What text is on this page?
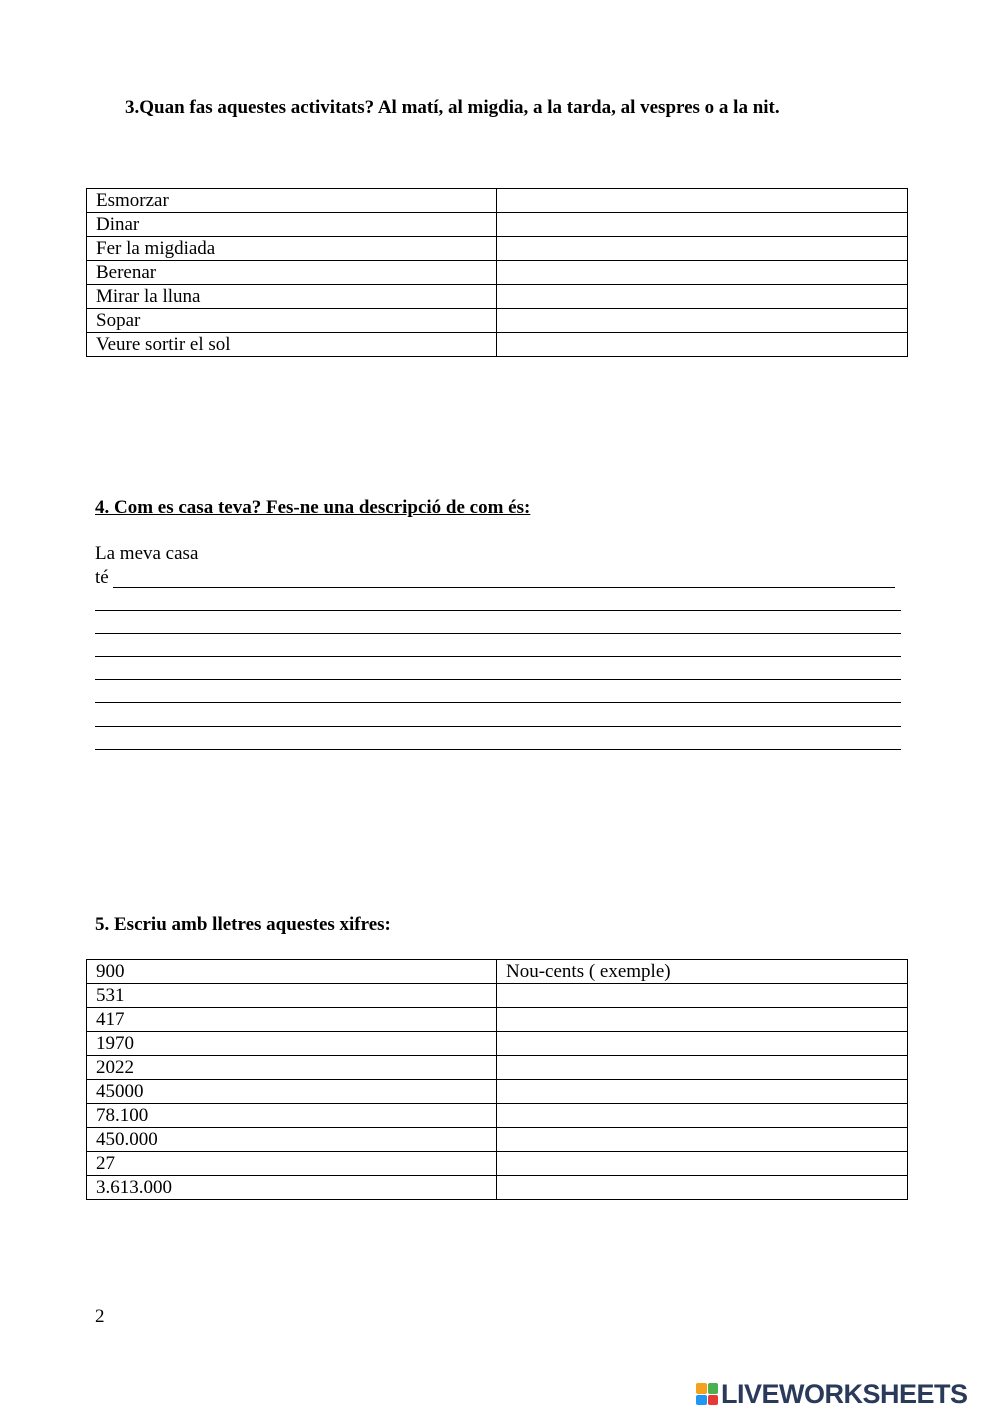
3.Quan fas aquestes activitats? Al matí, al migdia, a la tarda, al vespres o a la nit.
Esmorzar	
Dinar	
Fer la migdiada	
Berenar	
Mirar la lluna	
Sopar	
Veure sortir el sol	
4. Com es casa teva? Fes-ne una descripció de com és:
La meva casa
té
5. Escriu amb lletres aquestes xifres:
900	Nou-cents ( exemple)
531	
417	
1970	
2022	
45000	
78.100	
450.000	
27	
3.613.000	
2
LIVEWORKSHEETS
